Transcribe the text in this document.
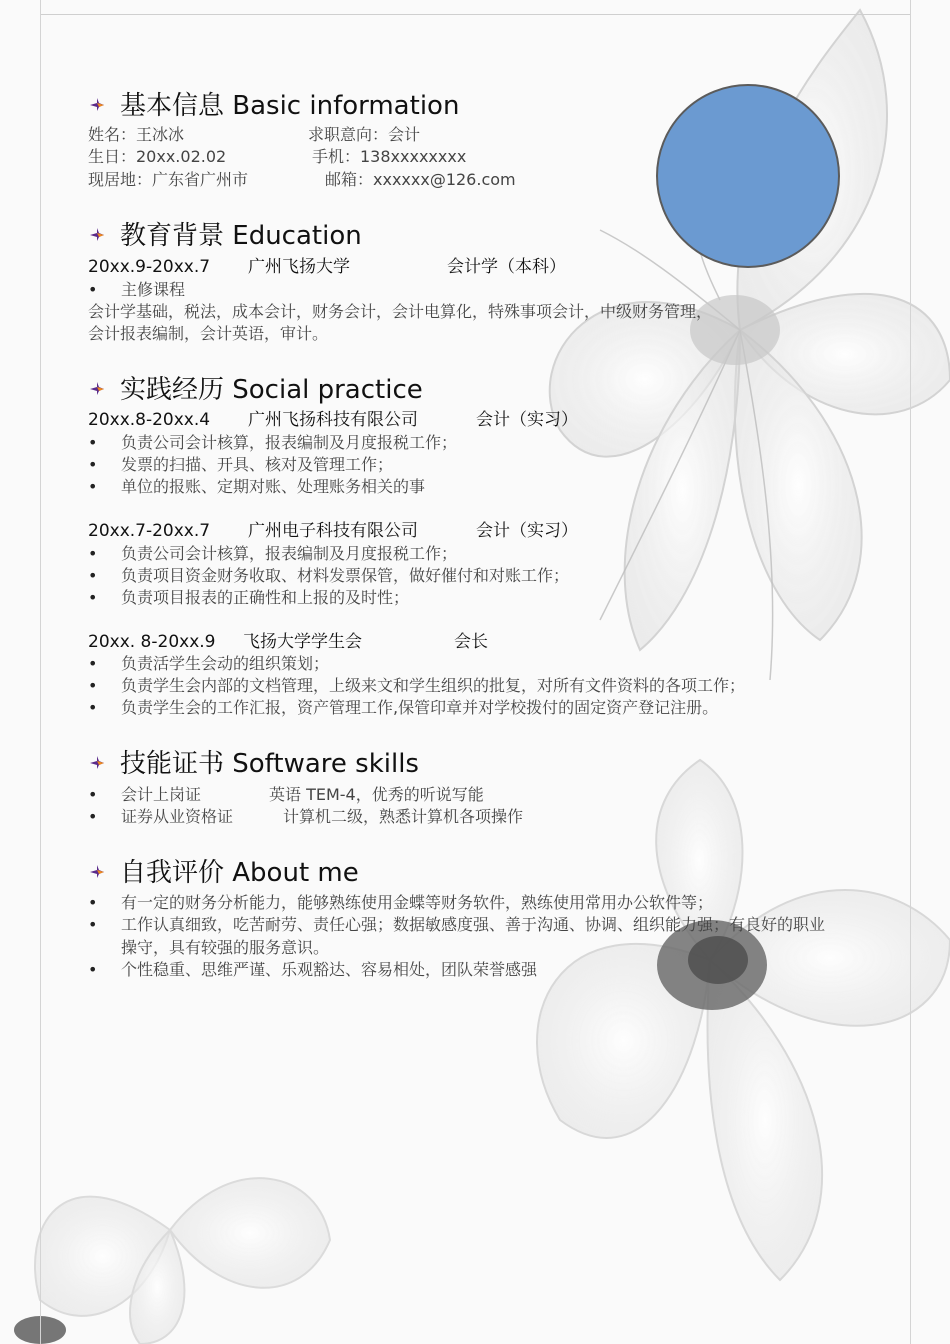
基本信息 Basic information
姓名：王冰冰	求职意向：会计
生日：20xx.02.02	手机：138xxxxxxxx
现居地：广东省广州市	邮箱：xxxxxx@126.com
教育背景 Education
20xx.9-20xx.7 广州飞扬大学	会计学（本科）
•	主修课程
会计学基础，税法，成本会计，财务会计，会计电算化，特殊事项会计，中级财务管理，
会计报表编制，会计英语，审计。
实践经历 Social practice
20xx.8-20xx.4 广州飞扬科技有限公司	会计（实习）
•	负责公司会计核算，报表编制及月度报税工作；
•	发票的扫描、开具、核对及管理工作；
•	单位的报账、定期对账、处理账务相关的事
20xx.7-20xx.7 广州电子科技有限公司	会计（实习）
•	负责公司会计核算，报表编制及月度报税工作；
•	负责项目资金财务收取、材料发票保管，做好催付和对账工作；
•	负责项目报表的正确性和上报的及时性；
20xx. 8-20xx.9 飞扬大学学生会	会长
•	负责活学生会动的组织策划；
•	负责学生会内部的文档管理，上级来文和学生组织的批复，对所有文件资料的各项工作；
•	负责学生会的工作汇报，资产管理工作,保管印章并对学校拨付的固定资产登记注册。
技能证书 Software skills
•	会计上岗证	英语 TEM-4，优秀的听说写能
•	证券从业资格证	计算机二级，熟悉计算机各项操作
自我评价 About me
•	有一定的财务分析能力，能够熟练使用金蝶等财务软件，熟练使用常用办公软件等；
•	工作认真细致，吃苦耐劳、责任心强；数据敏感度强、善于沟通、协调、组织能力强；有良好的职业
操守，具有较强的服务意识。
•	个性稳重、思维严谨、乐观豁达、容易相处，团队荣誉感强
